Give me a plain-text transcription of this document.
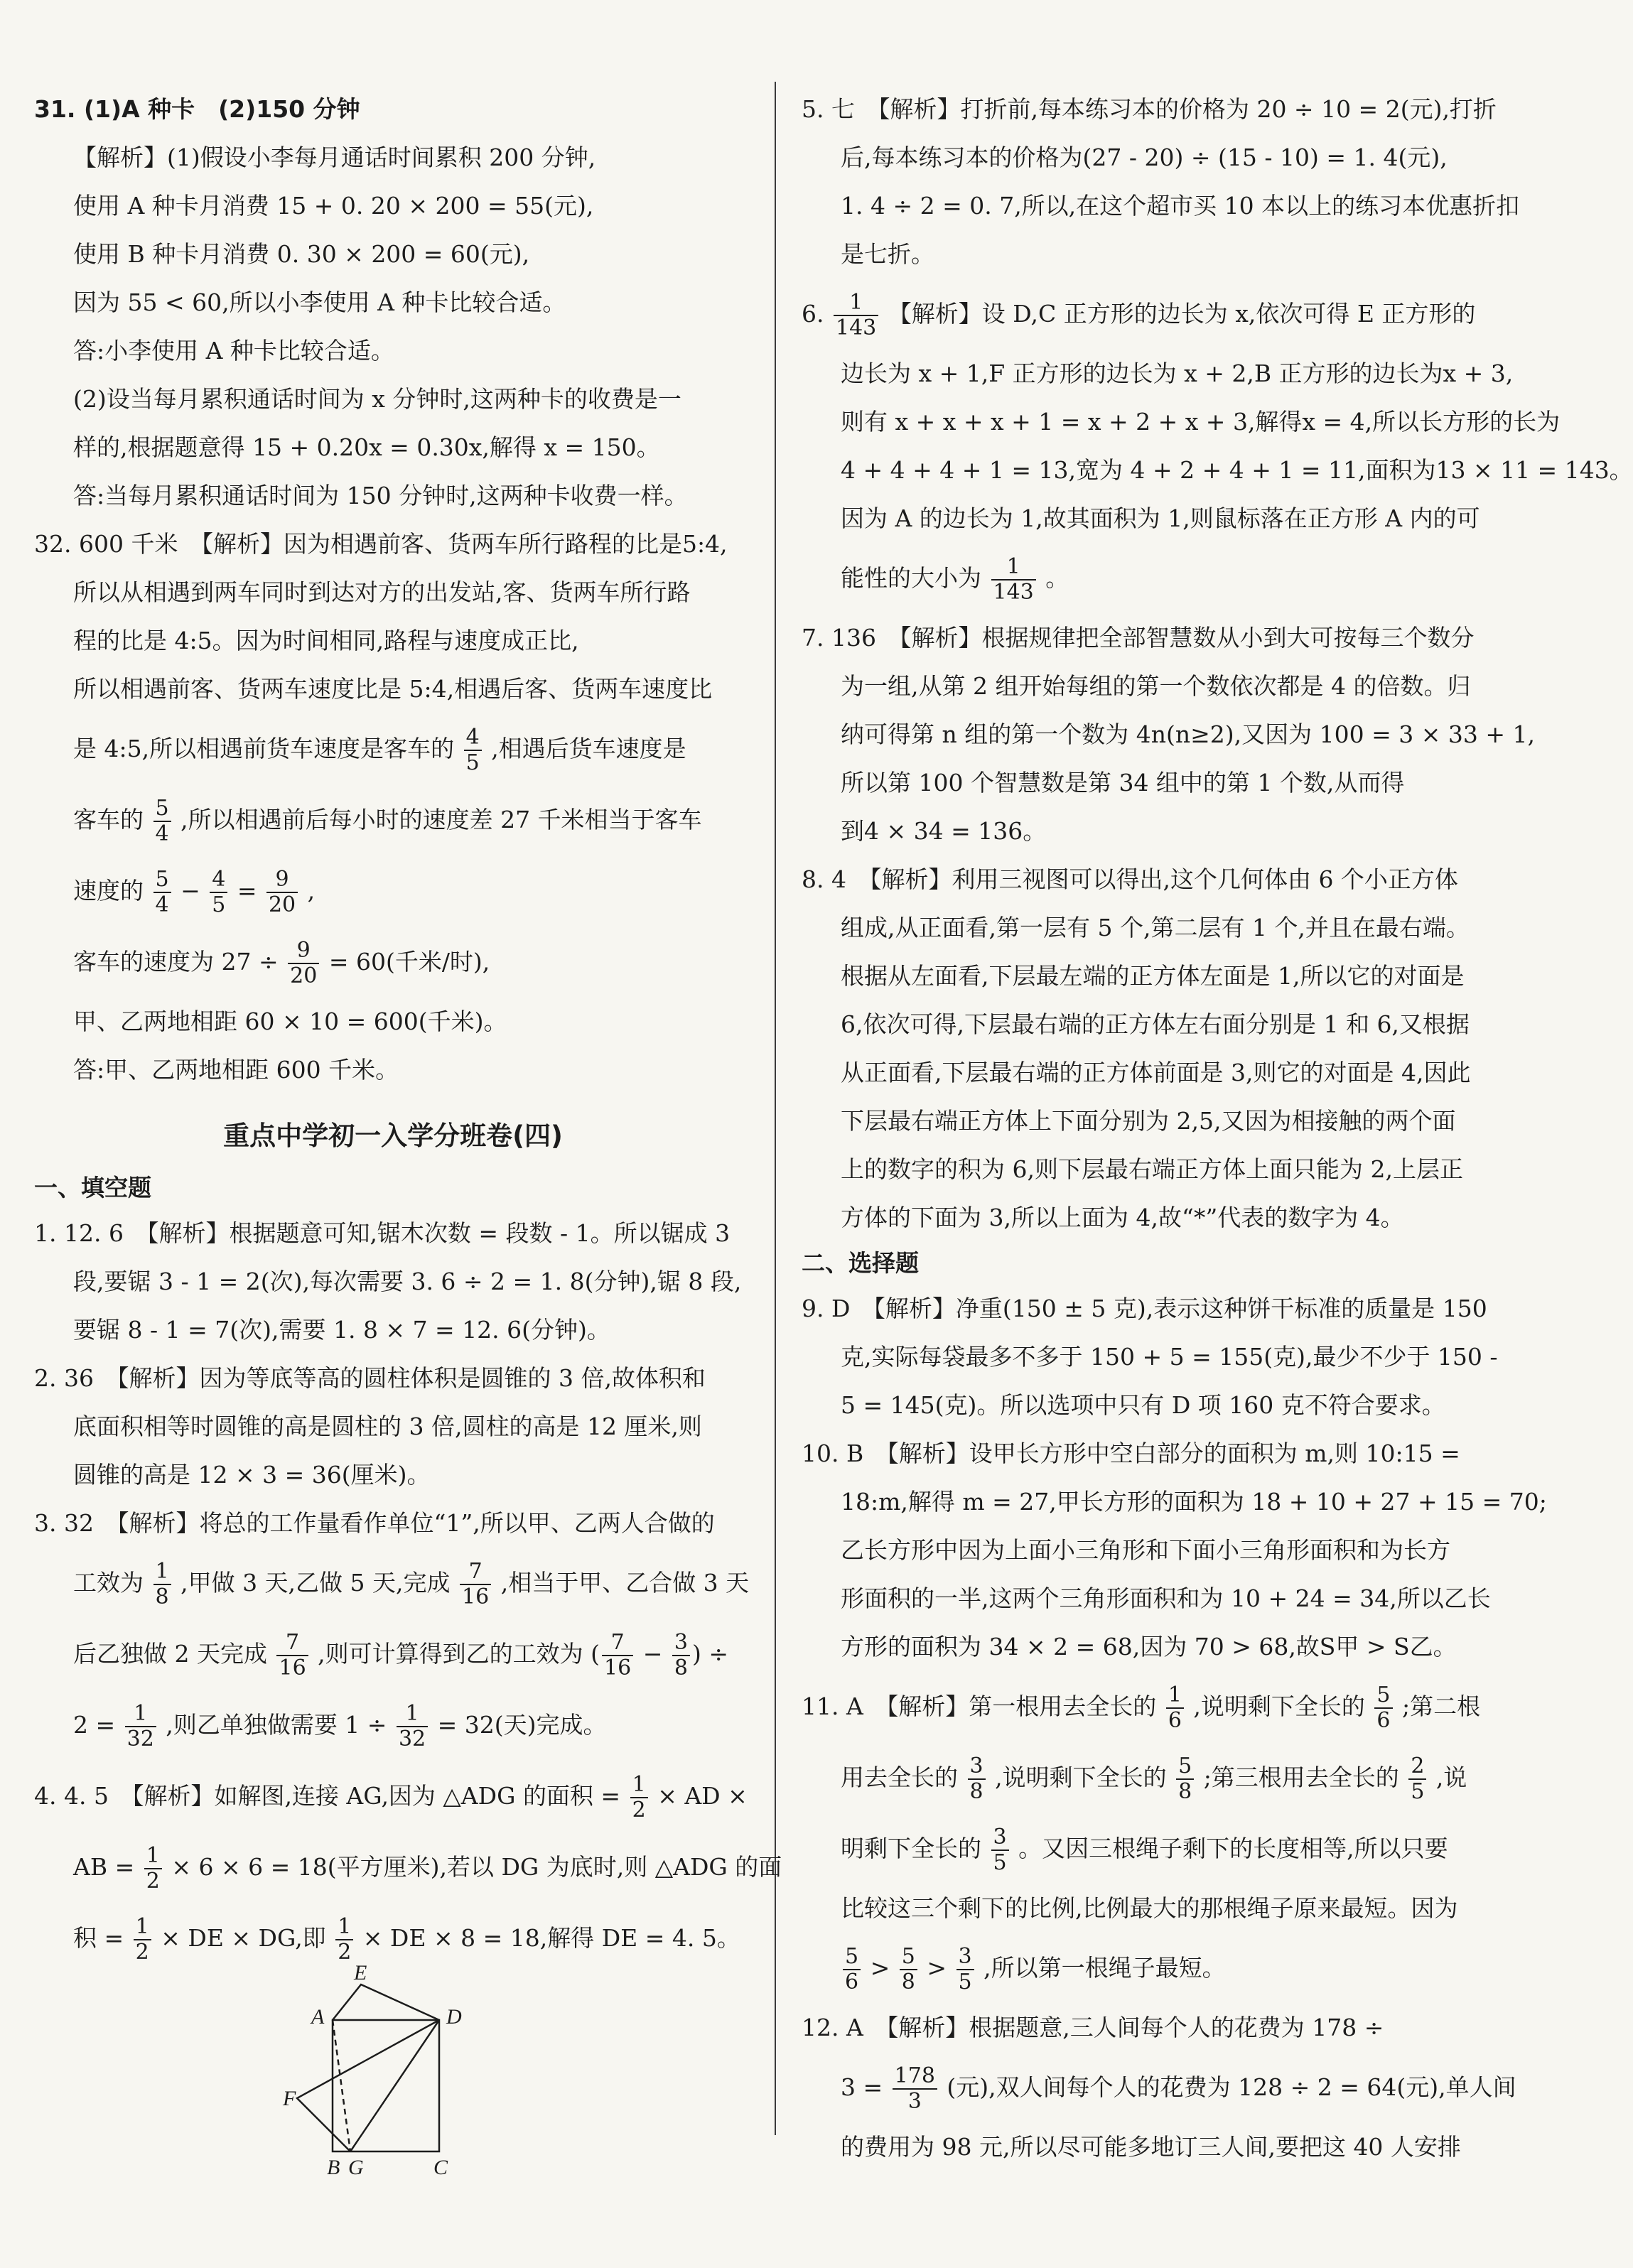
31. (1)A 种卡　(2)150 分钟

【解析】(1)假设小李每月通话时间累积 200 分钟,

使用 A 种卡月消费 15 + 0. 20 × 200 = 55(元),

使用 B 种卡月消费 0. 30 × 200 = 60(元),

因为 55 < 60,所以小李使用 A 种卡比较合适。

答:小李使用 A 种卡比较合适。

(2)设当每月累积通话时间为 x 分钟时,这两种卡的收费是一

样的,根据题意得 15 + 0.20x = 0.30x,解得 x = 150。

答:当每月累积通话时间为 150 分钟时,这两种卡收费一样。

32. 600 千米　【解析】因为相遇前客、货两车所行路程的比是5:4,

所以从相遇到两车同时到达对方的出发站,客、货两车所行路

程的比是 4:5。因为时间相同,路程与速度成正比,

所以相遇前客、货两车速度比是 5:4,相遇后客、货两车速度比

是 4:5,所以相遇前货车速度是客车的 $\frac{4}{5}$ ,相遇后货车速度是

客车的 $\frac{5}{4}$ ,所以相遇前后每小时的速度差 27 千米相当于客车

速度的 $\frac{5}{4} - \frac{4}{5} = \frac{9}{20}$ ,

客车的速度为 $27 \div \frac{9}{20} = 60$(千米/时),

甲、乙两地相距 60 × 10 = 600(千米)。

答:甲、乙两地相距 600 千米。

重点中学初一入学分班卷(四)
一、填空题

1. 12. 6　【解析】根据题意可知,锯木次数 = 段数 - 1。所以锯成 3

段,要锯 3 - 1 = 2(次),每次需要 3. 6 ÷ 2 = 1. 8(分钟),锯 8 段,

要锯 8 - 1 = 7(次),需要 1. 8 × 7 = 12. 6(分钟)。

2. 36　【解析】因为等底等高的圆柱体积是圆锥的 3 倍,故体积和

底面积相等时圆锥的高是圆柱的 3 倍,圆柱的高是 12 厘米,则

圆锥的高是 12 × 3 = 36(厘米)。

3. 32　【解析】将总的工作量看作单位“1”,所以甲、乙两人合做的

工效为 $\frac{1}{8}$ ,甲做 3 天,乙做 5 天,完成 $\frac{7}{16}$ ,相当于甲、乙合做 3 天

后乙独做 2 天完成 $\frac{7}{16}$ ,则可计算得到乙的工效为 ( $\frac{7}{16} - \frac{3}{8}$ ) ÷

$2 = \frac{1}{32}$ ,则乙单独做需要 $1 \div \frac{1}{32} = 32$(天)完成。

4. 4. 5　【解析】如解图,连接 AG,因为 △ADG 的面积 = $\frac{1}{2}$ × AD ×

AB = $\frac{1}{2} \times 6 \times 6 = 18$(平方厘米),若以 DG 为底时,则 △ADG 的面

积 = $\frac{1}{2}$ × DE × DG,即 $\frac{1}{2}$ × DE × 8 = 18,解得 DE = 4. 5。

E
A	D
F
B G	C

5. 七　【解析】打折前,每本练习本的价格为 20 ÷ 10 = 2(元),打折

后,每本练习本的价格为(27 - 20) ÷ (15 - 10) = 1. 4(元),

1. 4 ÷ 2 = 0. 7,所以,在这个超市买 10 本以上的练习本优惠折扣

是七折。

6. $\frac{1}{143}$ 【解析】设 D,C 正方形的边长为 x,依次可得 E 正方形的

边长为 x + 1,F 正方形的边长为 x + 2,B 正方形的边长为x + 3,

则有 x + x + x + 1 = x + 2 + x + 3,解得x = 4,所以长方形的长为

4 + 4 + 4 + 1 = 13,宽为 4 + 2 + 4 + 1 = 11,面积为13 × 11 = 143。

因为 A 的边长为 1,故其面积为 1,则鼠标落在正方形 A 内的可

能性的大小为 $\frac{1}{143}$ 。

7. 136　【解析】根据规律把全部智慧数从小到大可按每三个数分

为一组,从第 2 组开始每组的第一个数依次都是 4 的倍数。归

纳可得第 n 组的第一个数为 4n(n≥2),又因为 100 = 3 × 33 + 1,

所以第 100 个智慧数是第 34 组中的第 1 个数,从而得

到4 × 34 = 136。

8. 4　【解析】利用三视图可以得出,这个几何体由 6 个小正方体

组成,从正面看,第一层有 5 个,第二层有 1 个,并且在最右端。

根据从左面看,下层最左端的正方体左面是 1,所以它的对面是

6,依次可得,下层最右端的正方体左右面分别是 1 和 6,又根据

从正面看,下层最右端的正方体前面是 3,则它的对面是 4,因此

下层最右端正方体上下面分别为 2,5,又因为相接触的两个面

上的数字的积为 6,则下层最右端正方体上面只能为 2,上层正

方体的下面为 3,所以上面为 4,故“*”代表的数字为 4。

二、选择题

9. D　【解析】净重(150 ± 5 克),表示这种饼干标准的质量是 150

克,实际每袋最多不多于 150 + 5 = 155(克),最少不少于 150 -

5 = 145(克)。所以选项中只有 D 项 160 克不符合要求。

10. B　【解析】设甲长方形中空白部分的面积为 m,则 10:15 =

18:m,解得 m = 27,甲长方形的面积为 18 + 10 + 27 + 15 = 70;

乙长方形中因为上面小三角形和下面小三角形面积和为长方

形面积的一半,这两个三角形面积和为 10 + 24 = 34,所以乙长

方形的面积为 34 × 2 = 68,因为 70 > 68,故S甲 > S乙。

11. A　【解析】第一根用去全长的 $\frac{1}{6}$ ,说明剩下全长的 $\frac{5}{6}$ ;第二根

用去全长的 $\frac{3}{8}$ ,说明剩下全长的 $\frac{5}{8}$ ;第三根用去全长的 $\frac{2}{5}$ ,说

明剩下全长的 $\frac{3}{5}$ 。又因三根绳子剩下的长度相等,所以只要

比较这三个剩下的比例,比例最大的那根绳子原来最短。因为

$\frac{5}{6} > \frac{5}{8} > \frac{3}{5}$ ,所以第一根绳子最短。

12. A　【解析】根据题意,三人间每个人的花费为 178 ÷

$3 = \frac{178}{3}$ (元),双人间每个人的花费为 128 ÷ 2 = 64(元),单人间

的费用为 98 元,所以尽可能多地订三人间,要把这 40 人安排
